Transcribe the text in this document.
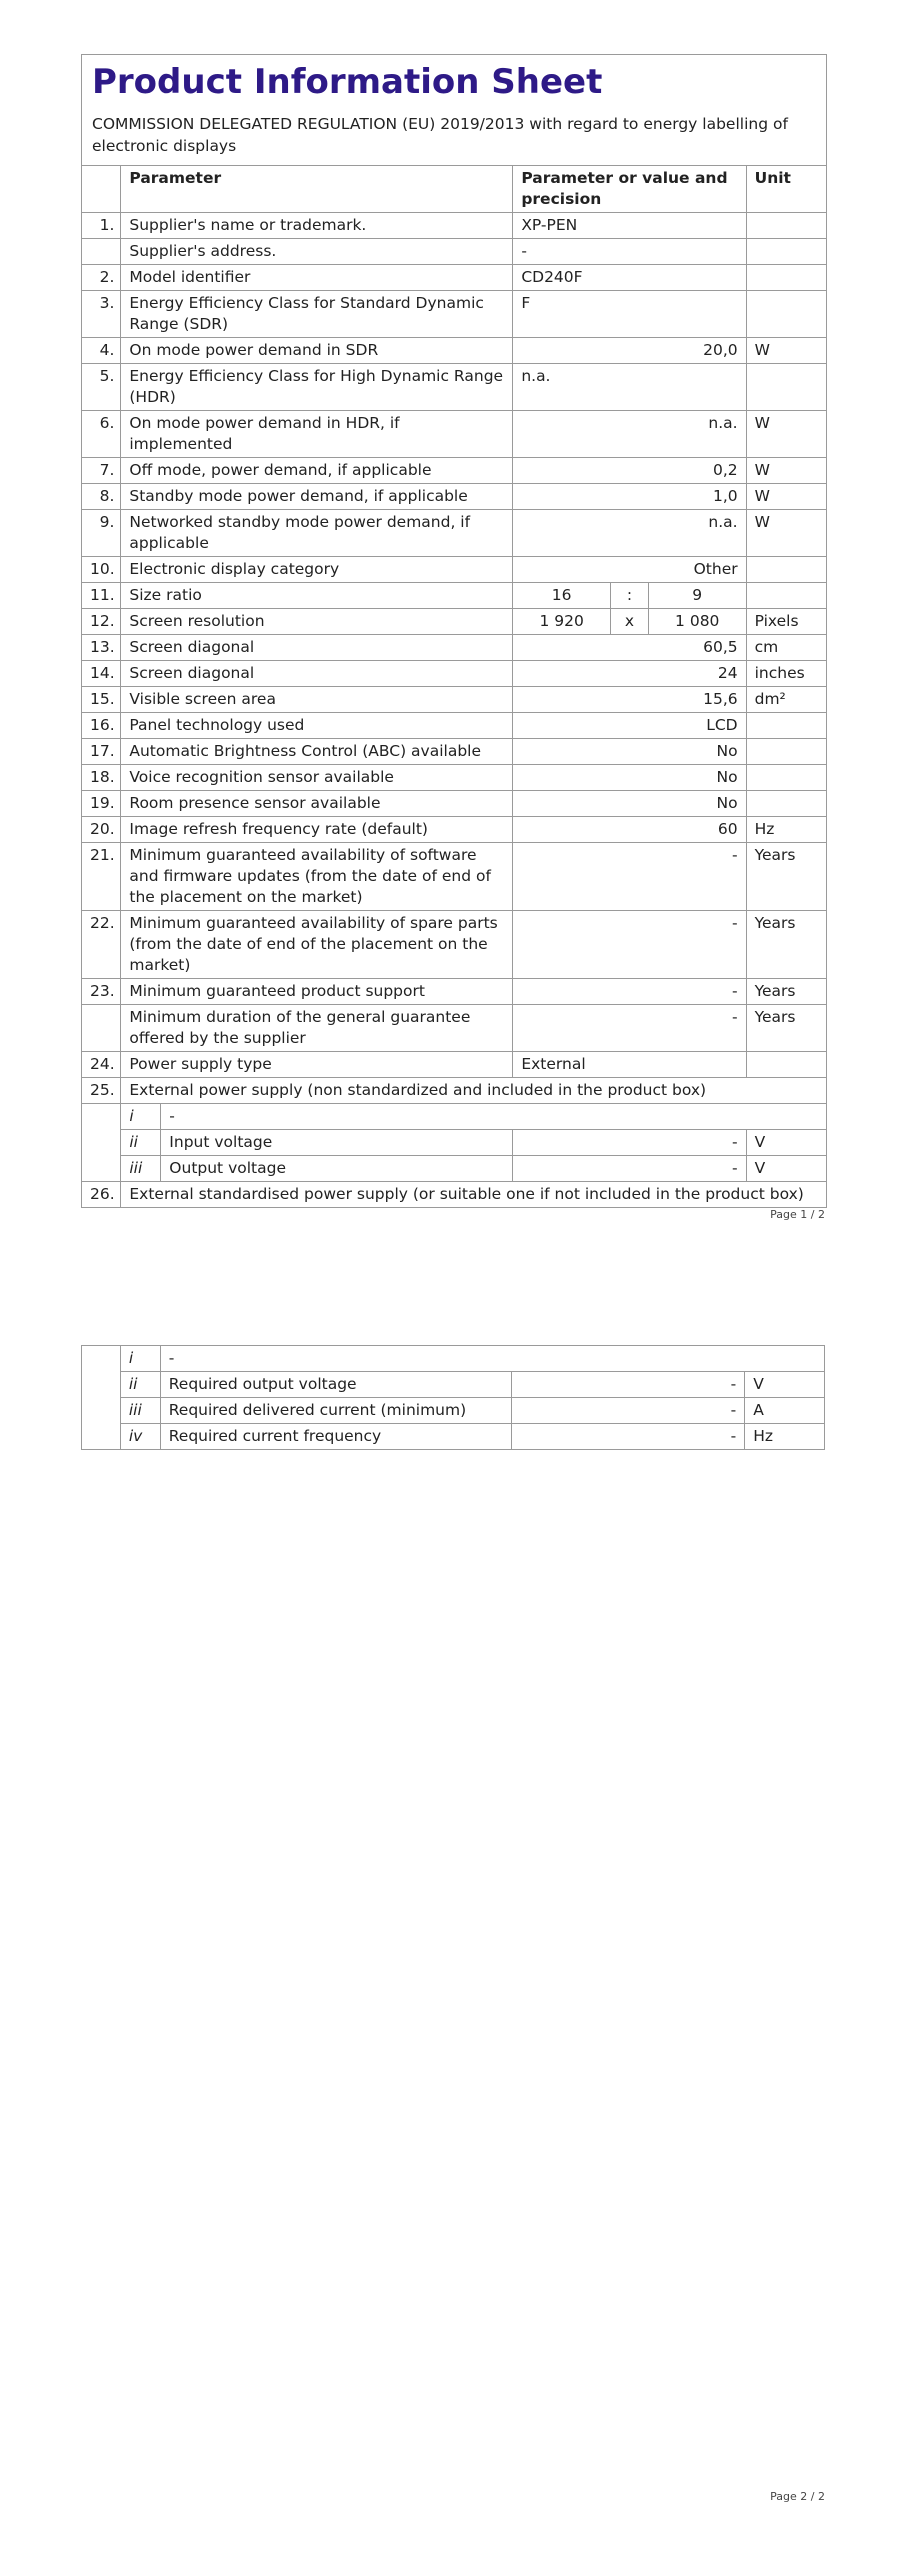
Product Information Sheet
COMMISSION DELEGATED REGULATION (EU) 2019/2013 with regard to energy labelling of electronic displays
	Parameter		Parameter or value and precision			Unit
1.	Supplier's name or trademark.		XP-PEN			
	Supplier's address.		-			
2.	Model identifier		CD240F			
3.	Energy Efficiency Class for Standard Dynamic Range (SDR)		F			
4.	On mode power demand in SDR		20,0			W
5.	Energy Efficiency Class for High Dynamic Range (HDR)		n.a.			
6.	On mode power demand in HDR, if implemented		n.a.			W
7.	Off mode, power demand, if applicable		0,2			W
8.	Standby mode power demand, if applicable		1,0			W
9.	Networked standby mode power demand, if applicable		n.a.			W
10.	Electronic display category		Other			
11.	Size ratio		16	:	9	
12.	Screen resolution		1 920	x	1 080	Pixels
13.	Screen diagonal		60,5			cm
14.	Screen diagonal		24			inches
15.	Visible screen area		15,6			dm²
16.	Panel technology used		LCD			
17.	Automatic Brightness Control (ABC) available		No			
18.	Voice recognition sensor available		No			
19.	Room presence sensor available		No			
20.	Image refresh frequency rate (default)		60			Hz
21.	Minimum guaranteed availability of software and firmware updates (from the date of end of the placement on the market)		-			Years
22.	Minimum guaranteed availability of spare parts (from the date of end of the placement on the market)		-			Years
23.	Minimum guaranteed product support		-			Years
	Minimum duration of the general guarantee offered by the supplier		-			Years
24.	Power supply type		External			
25.	External power supply (non standardized and included in the product box)					
	i	-				
	ii	Input voltage	-			V
	iii	Output voltage	-			V
26.	External standardised power supply (or suitable one if not included in the product box)					
Page 1 / 2
	i	-		
	ii	Required output voltage	-	V
	iii	Required delivered current (minimum)	-	A
	iv	Required current frequency	-	Hz
Page 2 / 2
